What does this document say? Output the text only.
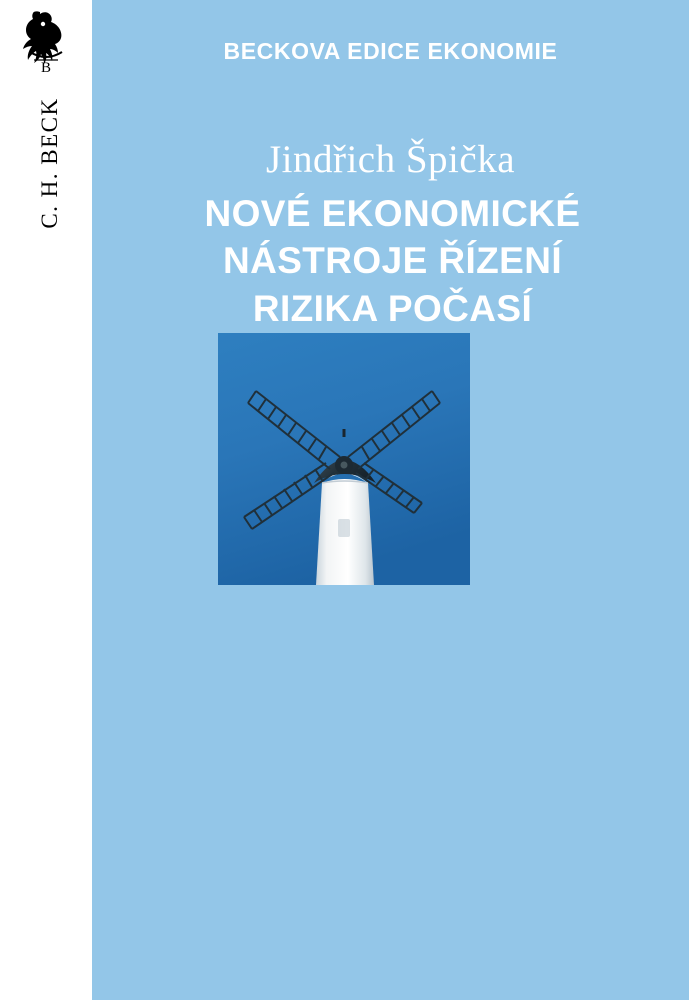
B
C. H. BECK
BECKOVA EDICE EKONOMIE
Jindřich Špička
NOVÉ EKONOMICKÉ
NÁSTROJE ŘÍZENÍ
RIZIKA POČASÍ
